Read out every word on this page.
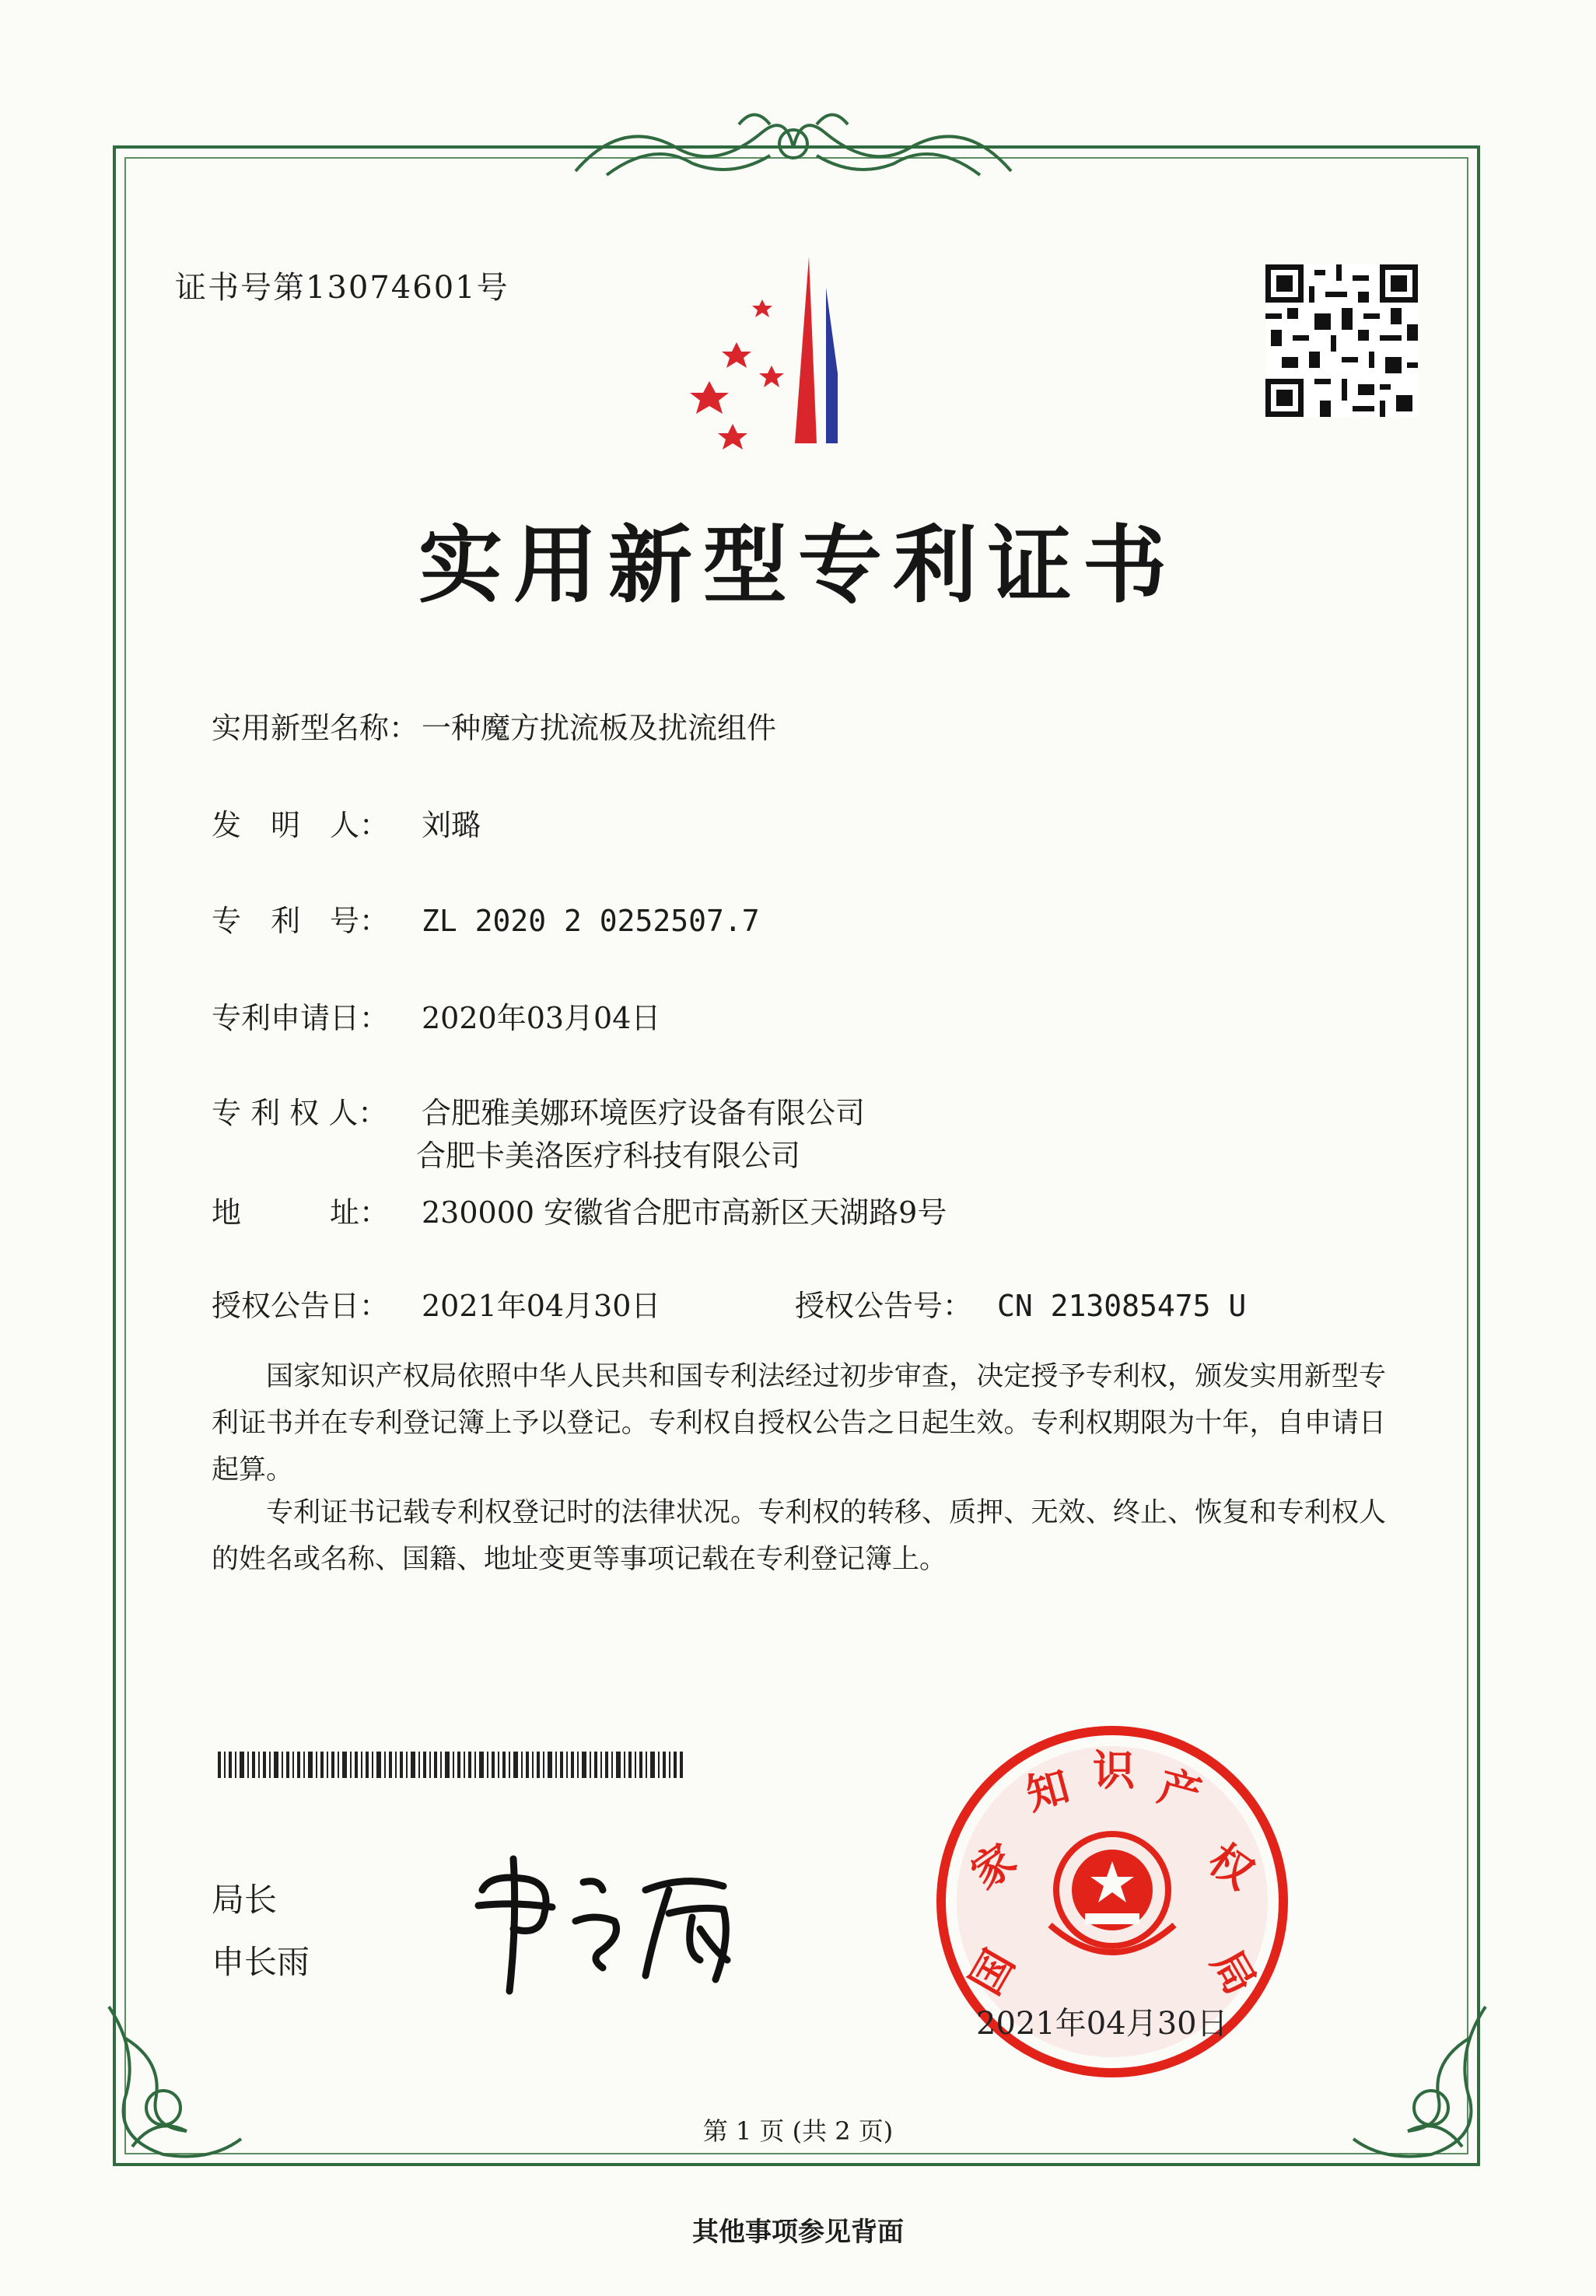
证书号第13074601号
实用新型专利证书
实用新型名称： 一种魔方扰流板及扰流组件
发　明　人： 刘璐
专　利　号： ZL 2020 2 0252507.7
专利申请日： 2020年03月04日
专 利 权 人： 合肥雅美娜环境医疗设备有限公司
合肥卡美洛医疗科技有限公司
地　　　址： 230000 安徽省合肥市高新区天湖路9号
授权公告日： 2021年04月30日	授权公告号： CN 213085475 U
国家知识产权局依照中华人民共和国专利法经过初步审查，决定授予专利权，颁发实用新型专利证书并在专利登记簿上予以登记。专利权自授权公告之日起生效。专利权期限为十年，自申请日起算。
专利证书记载专利权登记时的法律状况。专利权的转移、质押、无效、终止、恢复和专利权人的姓名或名称、国籍、地址变更等事项记载在专利登记簿上。
局长
申长雨	国
家
知 识 产
权
局
2021年04月30日
第 1 页 (共 2 页)
其他事项参见背面
